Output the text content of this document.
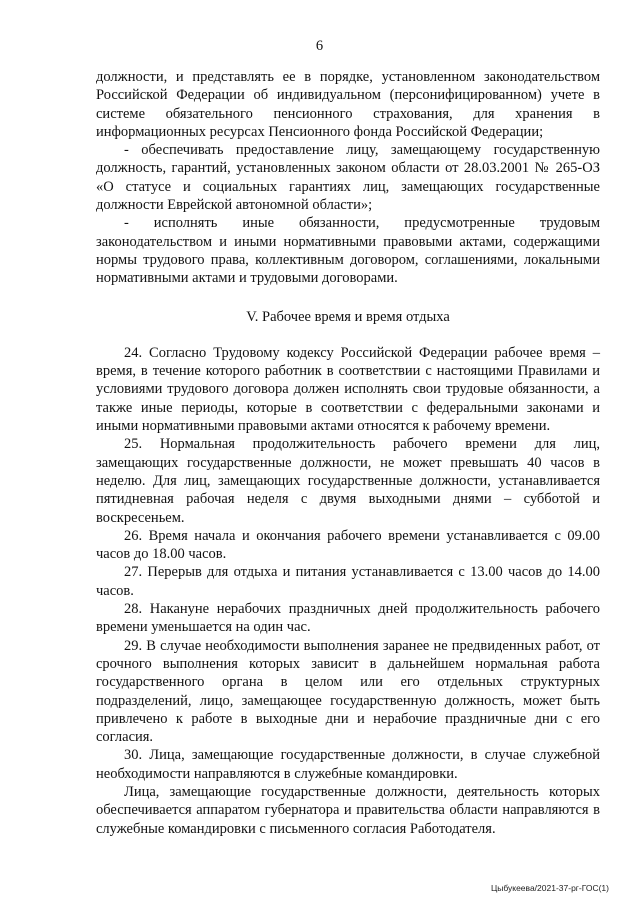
6

должности, и представлять ее в порядке, установленном законодательством Российской Федерации об индивидуальном (персонифицированном) учете в системе обязательного пенсионного страхования, для хранения в информационных ресурсах Пенсионного фонда Российской Федерации;

- обеспечивать предоставление лицу, замещающему государственную должность, гарантий, установленных законом области от 28.03.2001 № 265-ОЗ «О статусе и социальных гарантиях лиц, замещающих государственные должности Еврейской автономной области»;

- исполнять иные обязанности, предусмотренные трудовым законодательством и иными нормативными правовыми актами, содержащими нормы трудового права, коллективным договором, соглашениями, локальными нормативными актами и трудовыми договорами.

V. Рабочее время и время отдыха

24. Согласно Трудовому кодексу Российской Федерации рабочее время – время, в течение которого работник в соответствии с настоящими Правилами и условиями трудового договора должен исполнять свои трудовые обязанности, а также иные периоды, которые в соответствии с федеральными законами и иными нормативными правовыми актами относятся к рабочему времени.

25. Нормальная продолжительность рабочего времени для лиц, замещающих государственные должности, не может превышать 40 часов в неделю. Для лиц, замещающих государственные должности, устанавливается пятидневная рабочая неделя с двумя выходными днями – субботой и воскресеньем.

26. Время начала и окончания рабочего времени устанавливается с 09.00 часов до 18.00 часов.

27. Перерыв для отдыха и питания устанавливается с 13.00 часов до 14.00 часов.

28. Накануне нерабочих праздничных дней продолжительность рабочего времени уменьшается на один час.

29. В случае необходимости выполнения заранее не предвиденных работ, от срочного выполнения которых зависит в дальнейшем нормальная работа государственного органа в целом или его отдельных структурных подразделений, лицо, замещающее государственную должность, может быть привлечено к работе в выходные дни и нерабочие праздничные дни с его согласия.

30. Лица, замещающие государственные должности, в случае служебной необходимости направляются в служебные командировки.

Лица, замещающие государственные должности, деятельность которых обеспечивается аппаратом губернатора и правительства области направляются в служебные командировки с письменного согласия Работодателя.

Цыбукеева/2021-37-рг-ГОС(1)
